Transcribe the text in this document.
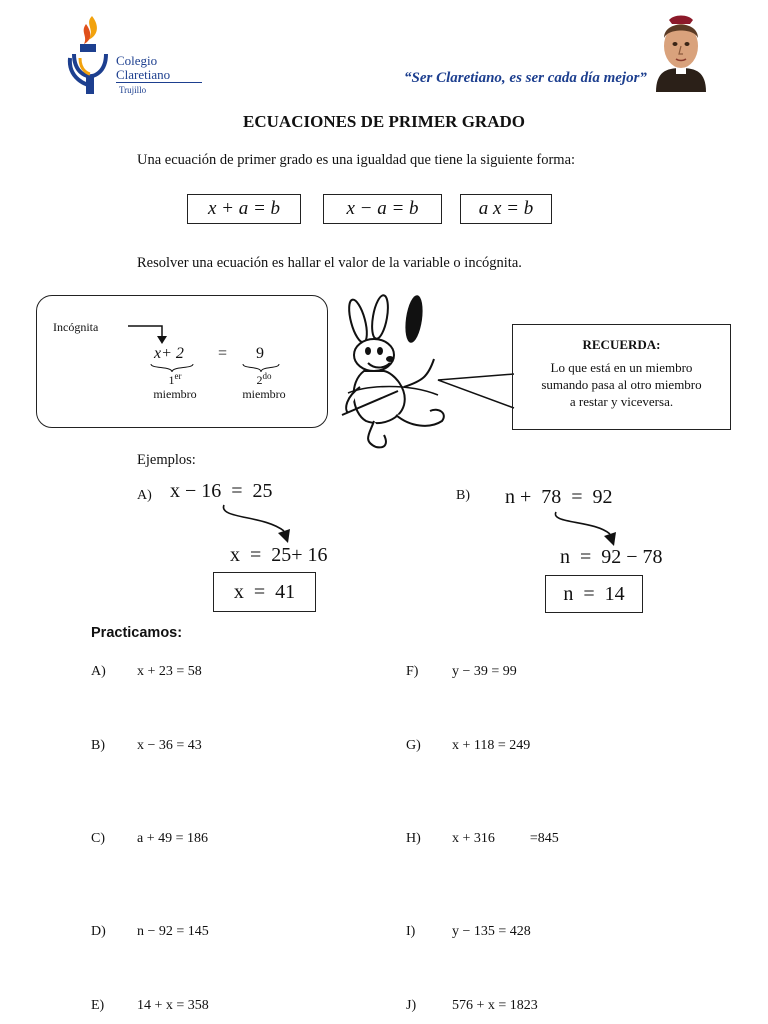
Colegio
Claretiano
Trujillo
“Ser Claretiano, es ser cada día mejor”
ECUACIONES DE PRIMER GRADO
Una ecuación de primer grado es una igualdad que tiene la siguiente forma:
x + a = b	x − a = b	a x = b
Resolver una ecuación es hallar el valor de la variable o incógnita.
Incógnita
x+ 2 = 9
1er
miembro
$2^{do}$
miembro
RECUERDA:
Lo que está en un miembro
sumando pasa al otro miembro
a restar y viceversa.
Ejemplos:
A) x − 16  =  25
x  =  25+ 16
x  =  41
B) n +  78  =  92
n  =  92 − 78
n  =  14
Practicamos:
A) x + 23 = 58
B) x − 36 = 43
C) a + 49 = 186
D) n − 92 = 145
E) 14 + x = 358
F) y − 39 = 99
G) x + 118 = 249
H) x + 316          =845
I)	y − 135 = 428
J)	576 + x = 1823
